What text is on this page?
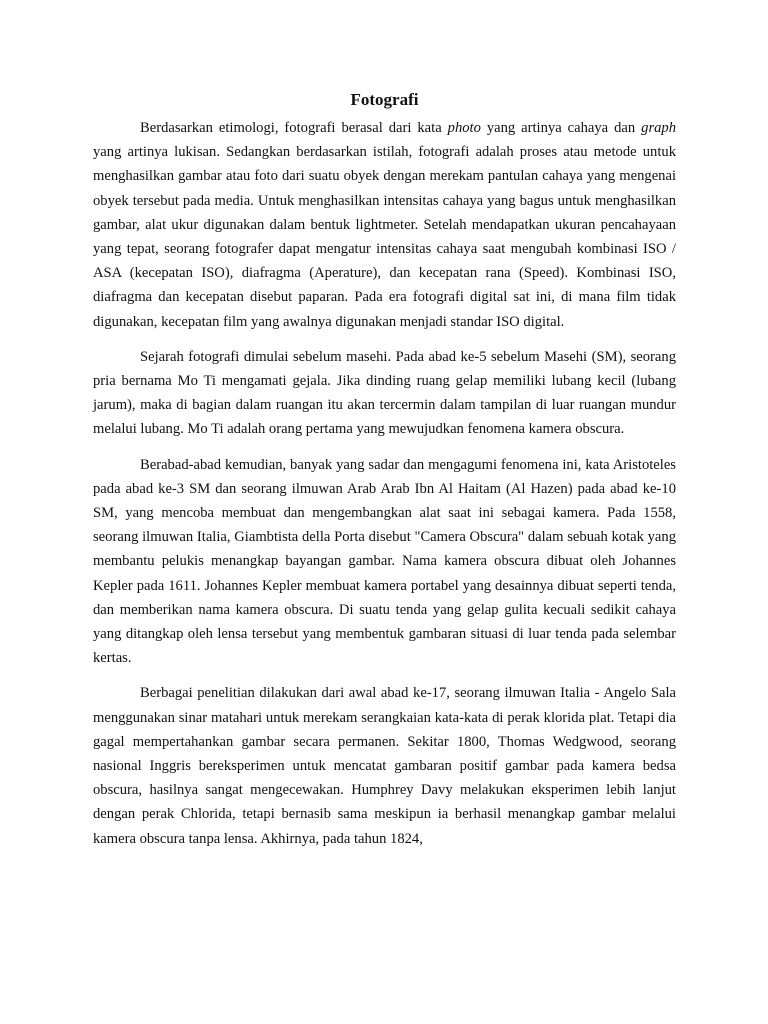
Fotografi

Berdasarkan etimologi, fotografi berasal dari kata photo yang artinya cahaya dan graph yang artinya lukisan. Sedangkan berdasarkan istilah, fotografi adalah proses atau metode untuk menghasilkan gambar atau foto dari suatu obyek dengan merekam pantulan cahaya yang mengenai obyek tersebut pada media. Untuk menghasilkan intensitas cahaya yang bagus untuk menghasilkan gambar, alat ukur digunakan dalam bentuk lightmeter. Setelah mendapatkan ukuran pencahayaan yang tepat, seorang fotografer dapat mengatur intensitas cahaya saat mengubah kombinasi ISO / ASA (kecepatan ISO), diafragma (Aperature), dan kecepatan rana (Speed). Kombinasi ISO, diafragma dan kecepatan disebut paparan. Pada era fotografi digital sat ini, di mana film tidak digunakan, kecepatan film yang awalnya digunakan menjadi standar ISO digital.

Sejarah fotografi dimulai sebelum masehi. Pada abad ke-5 sebelum Masehi (SM), seorang pria bernama Mo Ti mengamati gejala. Jika dinding ruang gelap memiliki lubang kecil (lubang jarum), maka di bagian dalam ruangan itu akan tercermin dalam tampilan di luar ruangan mundur melalui lubang. Mo Ti adalah orang pertama yang mewujudkan fenomena kamera obscura.

Berabad-abad kemudian, banyak yang sadar dan mengagumi fenomena ini, kata Aristoteles pada abad ke-3 SM dan seorang ilmuwan Arab Arab Ibn Al Haitam (Al Hazen) pada abad ke-10 SM, yang mencoba membuat dan mengembangkan alat saat ini sebagai kamera. Pada 1558, seorang ilmuwan Italia, Giambtista della Porta disebut "Camera Obscura" dalam sebuah kotak yang membantu pelukis menangkap bayangan gambar. Nama kamera obscura dibuat oleh Johannes Kepler pada 1611. Johannes Kepler membuat kamera portabel yang desainnya dibuat seperti tenda, dan memberikan nama kamera obscura. Di suatu tenda yang gelap gulita kecuali sedikit cahaya yang ditangkap oleh lensa tersebut yang membentuk gambaran situasi di luar tenda pada selembar kertas.

Berbagai penelitian dilakukan dari awal abad ke-17, seorang ilmuwan Italia - Angelo Sala menggunakan sinar matahari untuk merekam serangkaian kata-kata di perak klorida plat. Tetapi dia gagal mempertahankan gambar secara permanen. Sekitar 1800, Thomas Wedgwood, seorang nasional Inggris bereksperimen untuk mencatat gambaran positif gambar pada kamera bedsa obscura, hasilnya sangat mengecewakan. Humphrey Davy melakukan eksperimen lebih lanjut dengan perak Chlorida, tetapi bernasib sama meskipun ia berhasil menangkap gambar melalui kamera obscura tanpa lensa. Akhirnya, pada tahun 1824,
